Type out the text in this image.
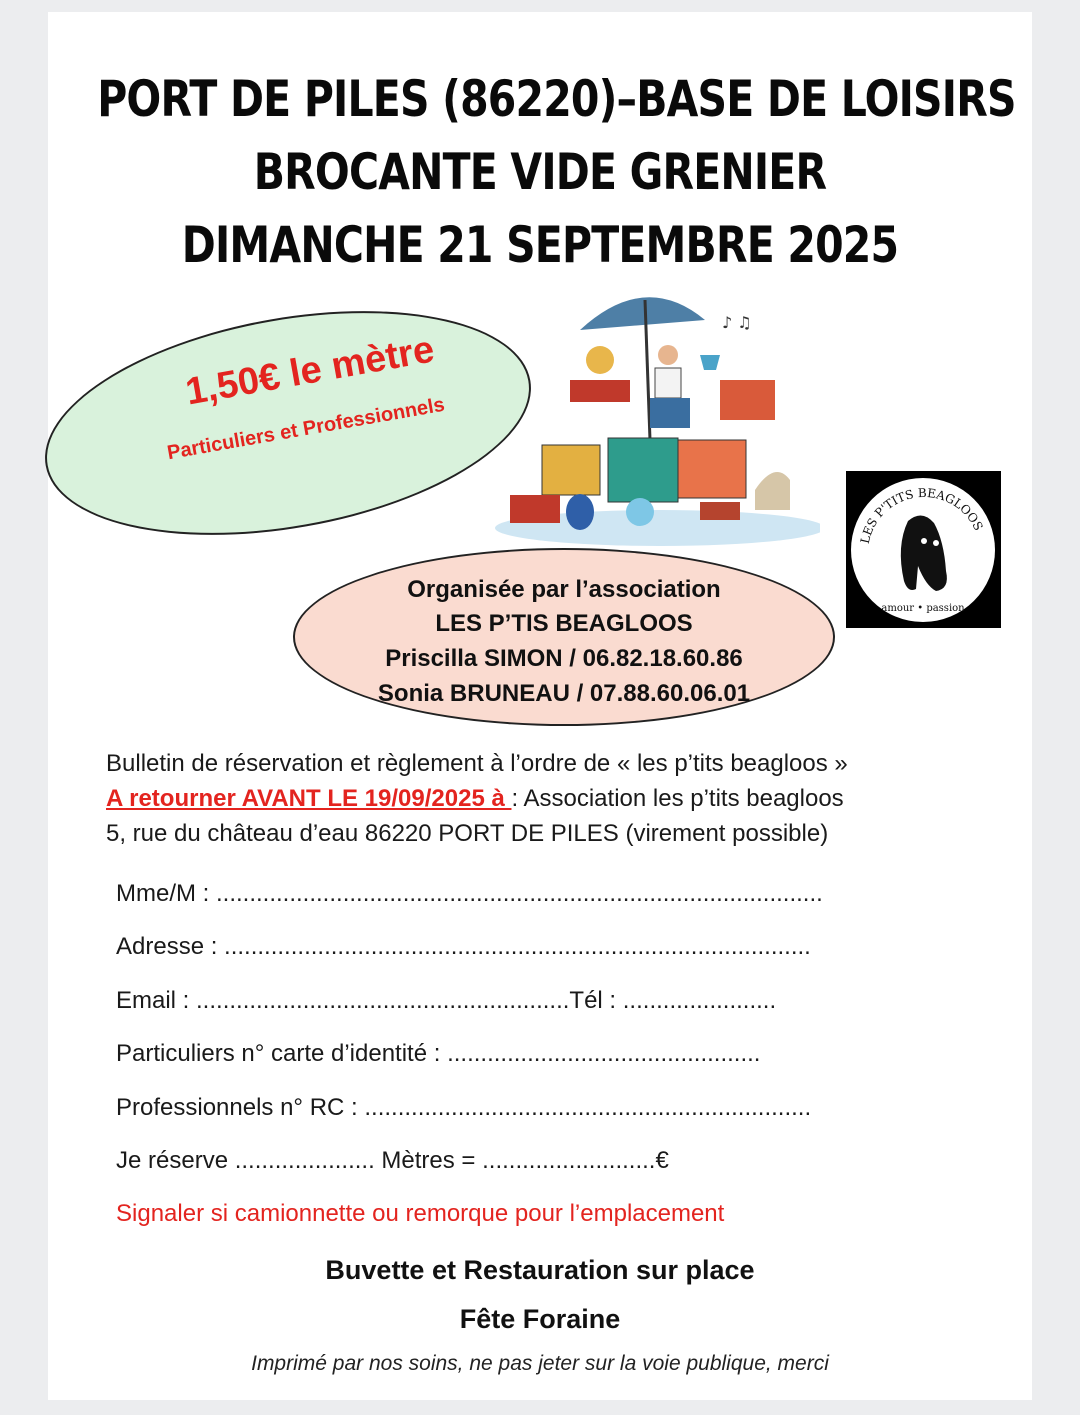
PORT DE PILES (86220)–BASE DE LOISIRS
BROCANTE VIDE GRENIER
DIMANCHE 21 SEPTEMBRE 2025
1,50€ le mètre
Particuliers et Professionnels
♪ ♫
Organisée par l’association
LES P’TIS BEAGLOOS
Priscilla SIMON / 06.82.18.60.86
Sonia BRUNEAU / 07.88.60.06.01
LES P'TITS BEAGLOOS
amour • passion
Bulletin de réservation et règlement à l’ordre de « les p’tits beagloos »
A retourner AVANT LE 19/09/2025 à : Association les p’tits beagloos
5, rue du château d’eau 86220 PORT DE PILES (virement possible)
Mme/M : ...........................................................................................
Adresse : ........................................................................................
Email : ........................................................Tél : .......................
Particuliers n° carte d’identité : ...............................................
Professionnels n° RC : ...................................................................
Je réserve ..................... Mètres = ..........................€
Signaler si camionnette ou remorque pour l’emplacement
Buvette et Restauration sur place
Fête Foraine
Imprimé par nos soins, ne pas jeter sur la voie publique, merci
